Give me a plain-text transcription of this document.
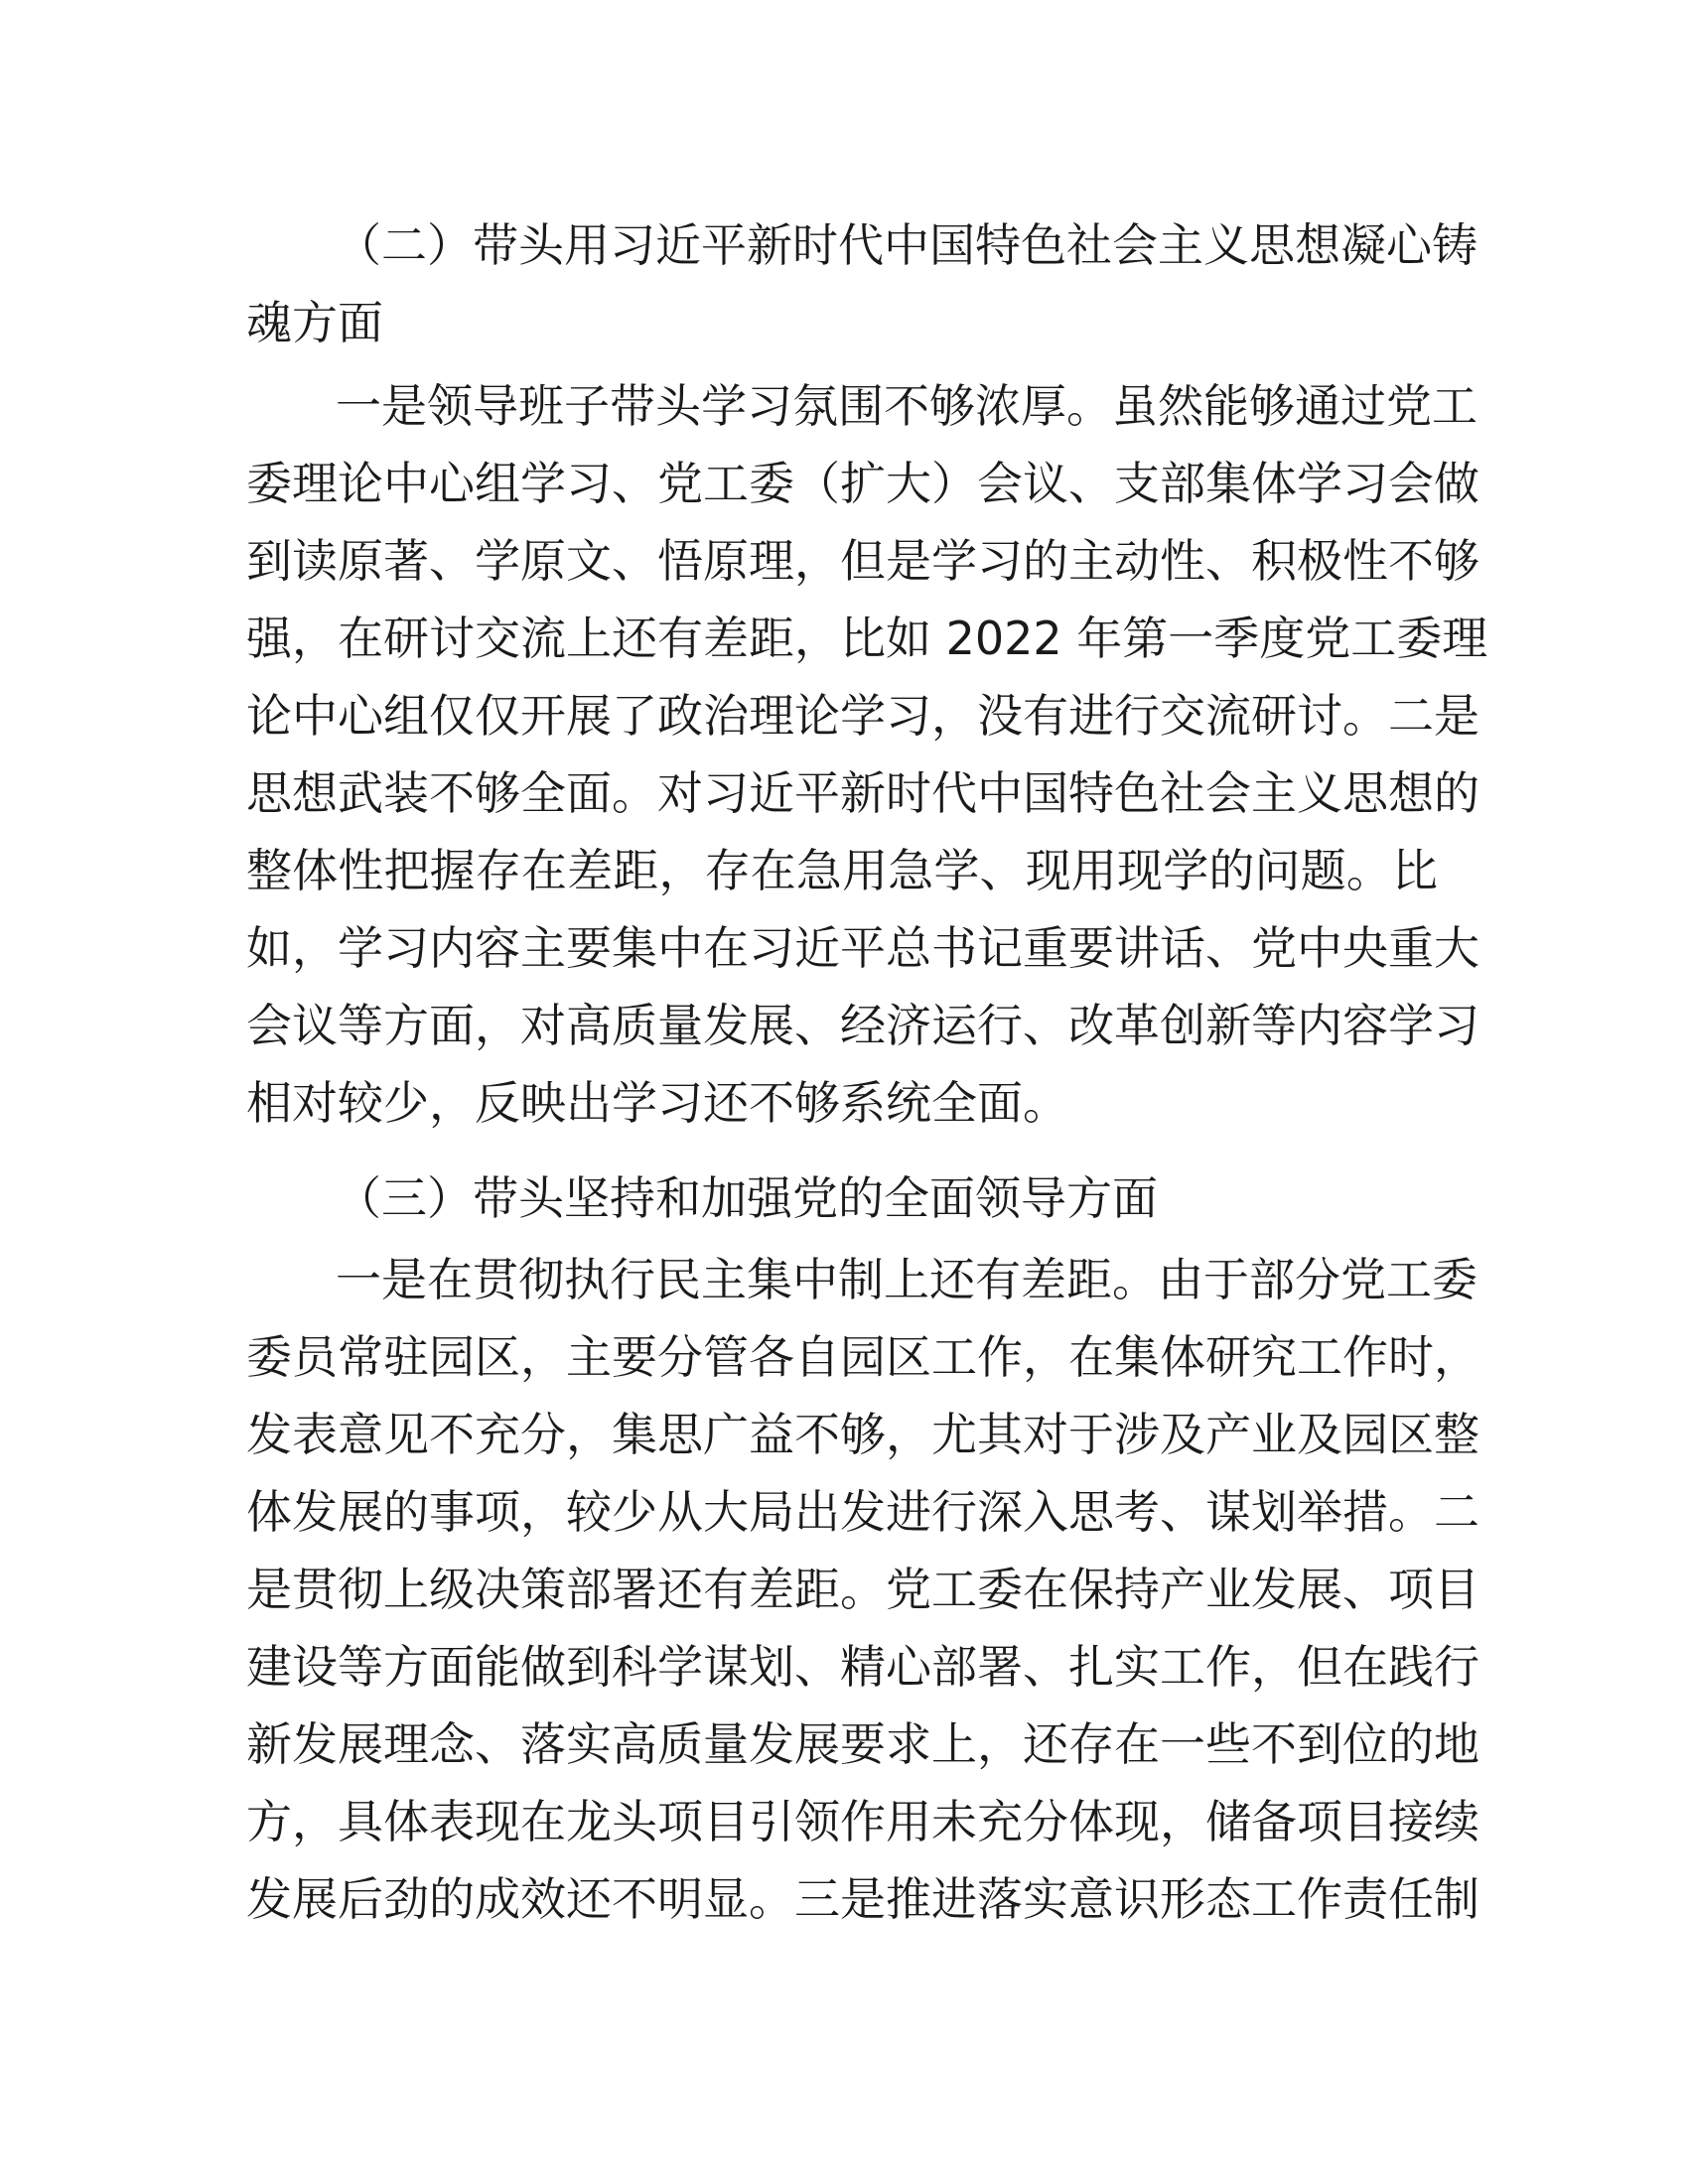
（二）带头用习近平新时代中国特色社会主义思想凝心铸
魂方面
一是领导班子带头学习氛围不够浓厚。虽然能够通过党工
委理论中心组学习、党工委（扩大）会议、支部集体学习会做
到读原著、学原文、悟原理，但是学习的主动性、积极性不够
强，在研讨交流上还有差距，比如 2022 年第一季度党工委理
论中心组仅仅开展了政治理论学习，没有进行交流研讨。二是
思想武装不够全面。对习近平新时代中国特色社会主义思想的
整体性把握存在差距，存在急用急学、现用现学的问题。比
如，学习内容主要集中在习近平总书记重要讲话、党中央重大
会议等方面，对高质量发展、经济运行、改革创新等内容学习
相对较少，反映出学习还不够系统全面。
（三）带头坚持和加强党的全面领导方面
一是在贯彻执行民主集中制上还有差距。由于部分党工委
委员常驻园区，主要分管各自园区工作，在集体研究工作时，
发表意见不充分，集思广益不够，尤其对于涉及产业及园区整
体发展的事项，较少从大局出发进行深入思考、谋划举措。二
是贯彻上级决策部署还有差距。党工委在保持产业发展、项目
建设等方面能做到科学谋划、精心部署、扎实工作，但在践行
新发展理念、落实高质量发展要求上，还存在一些不到位的地
方，具体表现在龙头项目引领作用未充分体现，储备项目接续
发展后劲的成效还不明显。三是推进落实意识形态工作责任制
